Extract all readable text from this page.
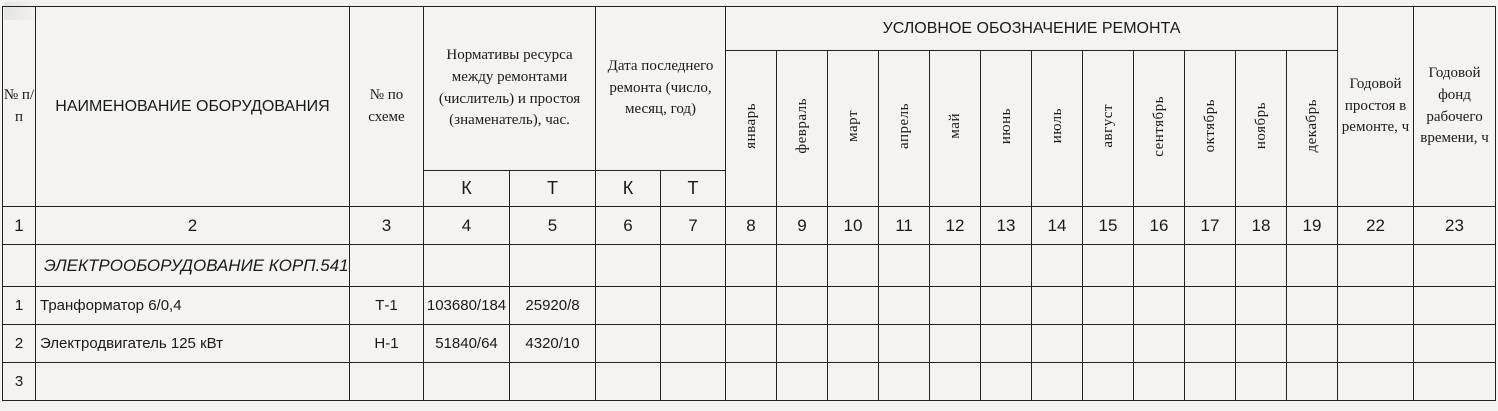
№ п/п	НАИМЕНОВАНИЕ ОБОРУДОВАНИЯ	№ по схеме	Нормативы ресурса между ремонтами (числитель) и простоя (знаменатель), час.		Дата последнего ремонта (число, месяц, год)		УСЛОВНОЕ ОБОЗНАЧЕНИЕ РЕМОНТА												Годовой простоя в ремонте, ч	Годовой фонд рабочего времени, ч
							январь	февраль	март	апрель	май	июнь	июль	август	сентябрь	октябрь	ноябрь	декабрь		
			К	Т	К	Т														
1	2	3	4	5	6	7	8	9	10	11	12	13	14	15	16	17	18	19	22	23
	ЭЛЕКТРООБОРУДОВАНИЕ КОРП.541																			
1	Транформатор 6/0,4	Т-1	103680/184	25920/8																
2	Электродвигатель 125 кВт	Н-1	51840/64	4320/10																
3																				
